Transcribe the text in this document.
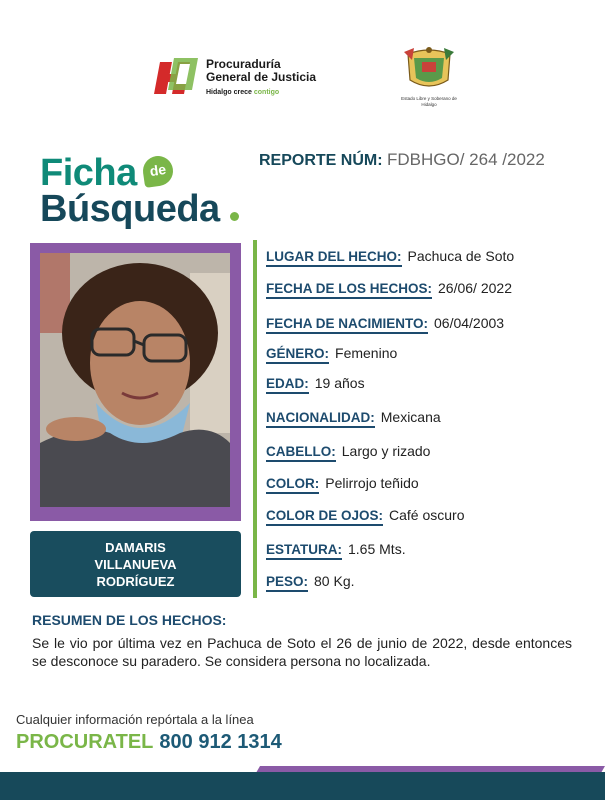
Procuraduría
General de Justicia
Hidalgo crece contigo
Estado Libre y Soberano de Hidalgo
Ficha de
Búsqueda
REPORTE NÚM: FDBHGO/ 264 /2022
DAMARIS
VILLANUEVA
RODRÍGUEZ
LUGAR DEL HECHO: Pachuca de Soto
FECHA DE LOS HECHOS: 26/06/ 2022
FECHA DE NACIMIENTO: 06/04/2003
GÉNERO: Femenino
EDAD: 19 años
NACIONALIDAD: Mexicana
CABELLO: Largo y rizado
COLOR: Pelirrojo teñido
COLOR DE OJOS: Café oscuro
ESTATURA: 1.65 Mts.
PESO: 80 Kg.
RESUMEN DE LOS HECHOS:
Se le vio por última vez en Pachuca de Soto el 26 de junio de 2022, desde entonces se desconoce su paradero. Se considera persona no localizada.
Cualquier información repórtala a la línea
PROCURATEL 800 912 1314
